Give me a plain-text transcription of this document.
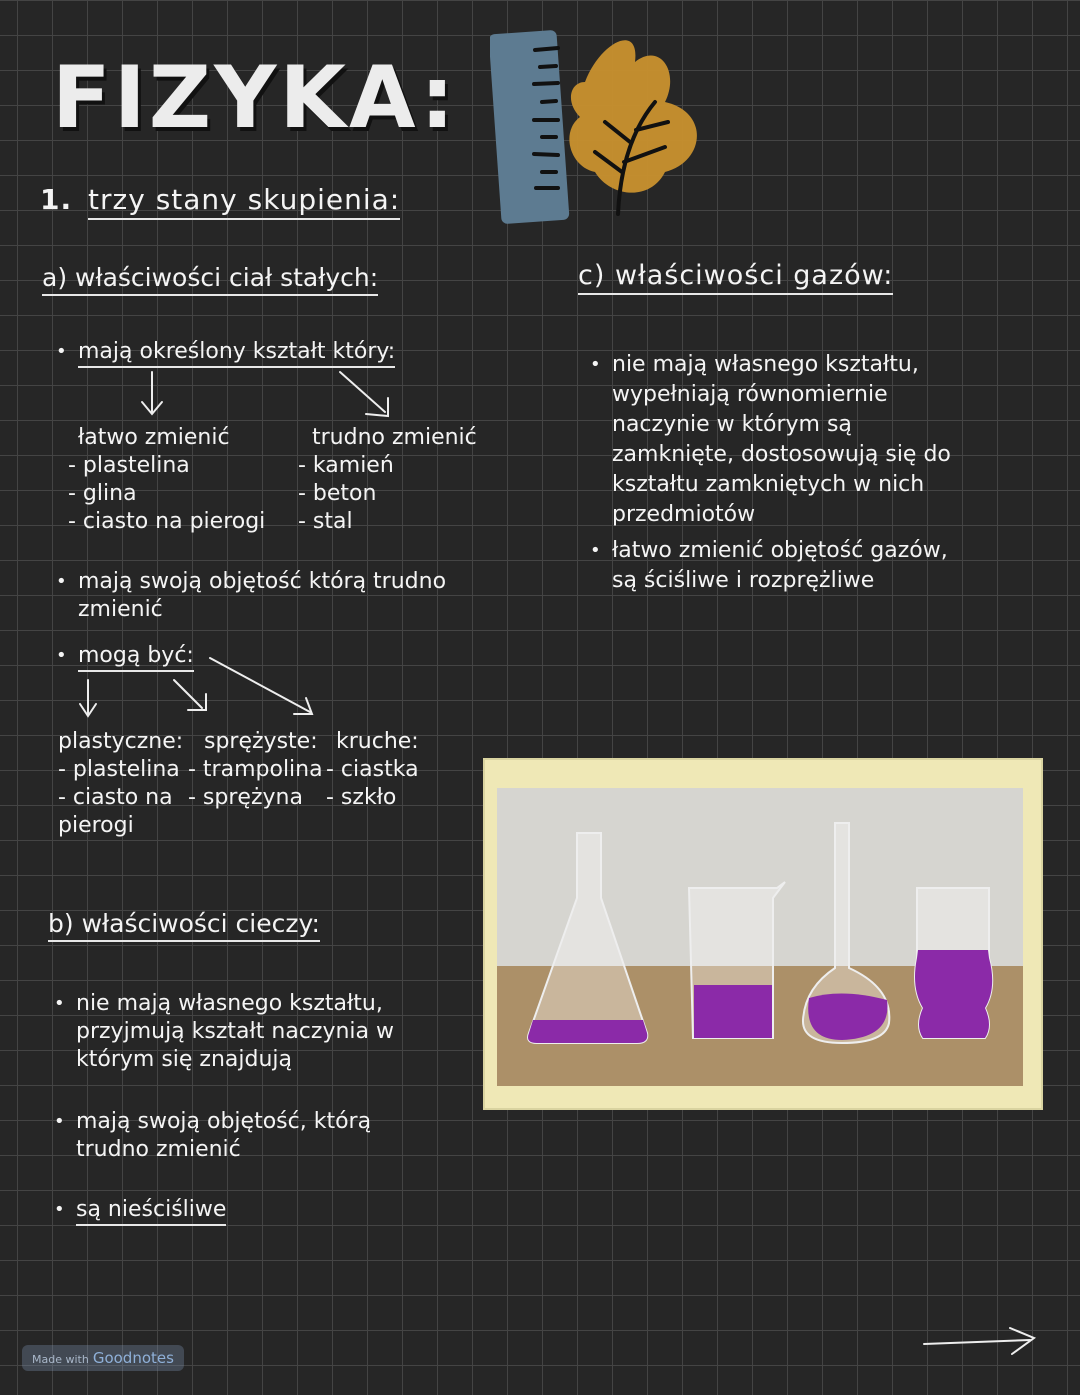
FIZYKA:
1. trzy stany skupienia:
a) właściwości ciał stałych:
• mają określony kształt który:
łatwo zmienić
- plastelina
- glina
- ciasto na pierogi
trudno zmienić
- kamień
- beton
- stal
• mają swoją objętość którą trudno zmienić
• mogą być:
plastyczne:
- plastelina
- ciasto na
pierogi
sprężyste:
- trampolina
- sprężyna
kruche:
- ciastka
- szkło
b) właściwości cieczy:
• nie mają własnego kształtu, przyjmują kształt naczynia w którym się znajdują
• mają swoją objętość, którą trudno zmienić
• są nieściśliwe
c) właściwości gazów:
• nie mają własnego kształtu, wypełniają równomiernie naczynie w którym są zamknięte, dostosowują się do kształtu zamkniętych w nich przedmiotów
• łatwo zmienić objętość gazów, są ściśliwe i rozprężliwe
Made with Goodnotes
